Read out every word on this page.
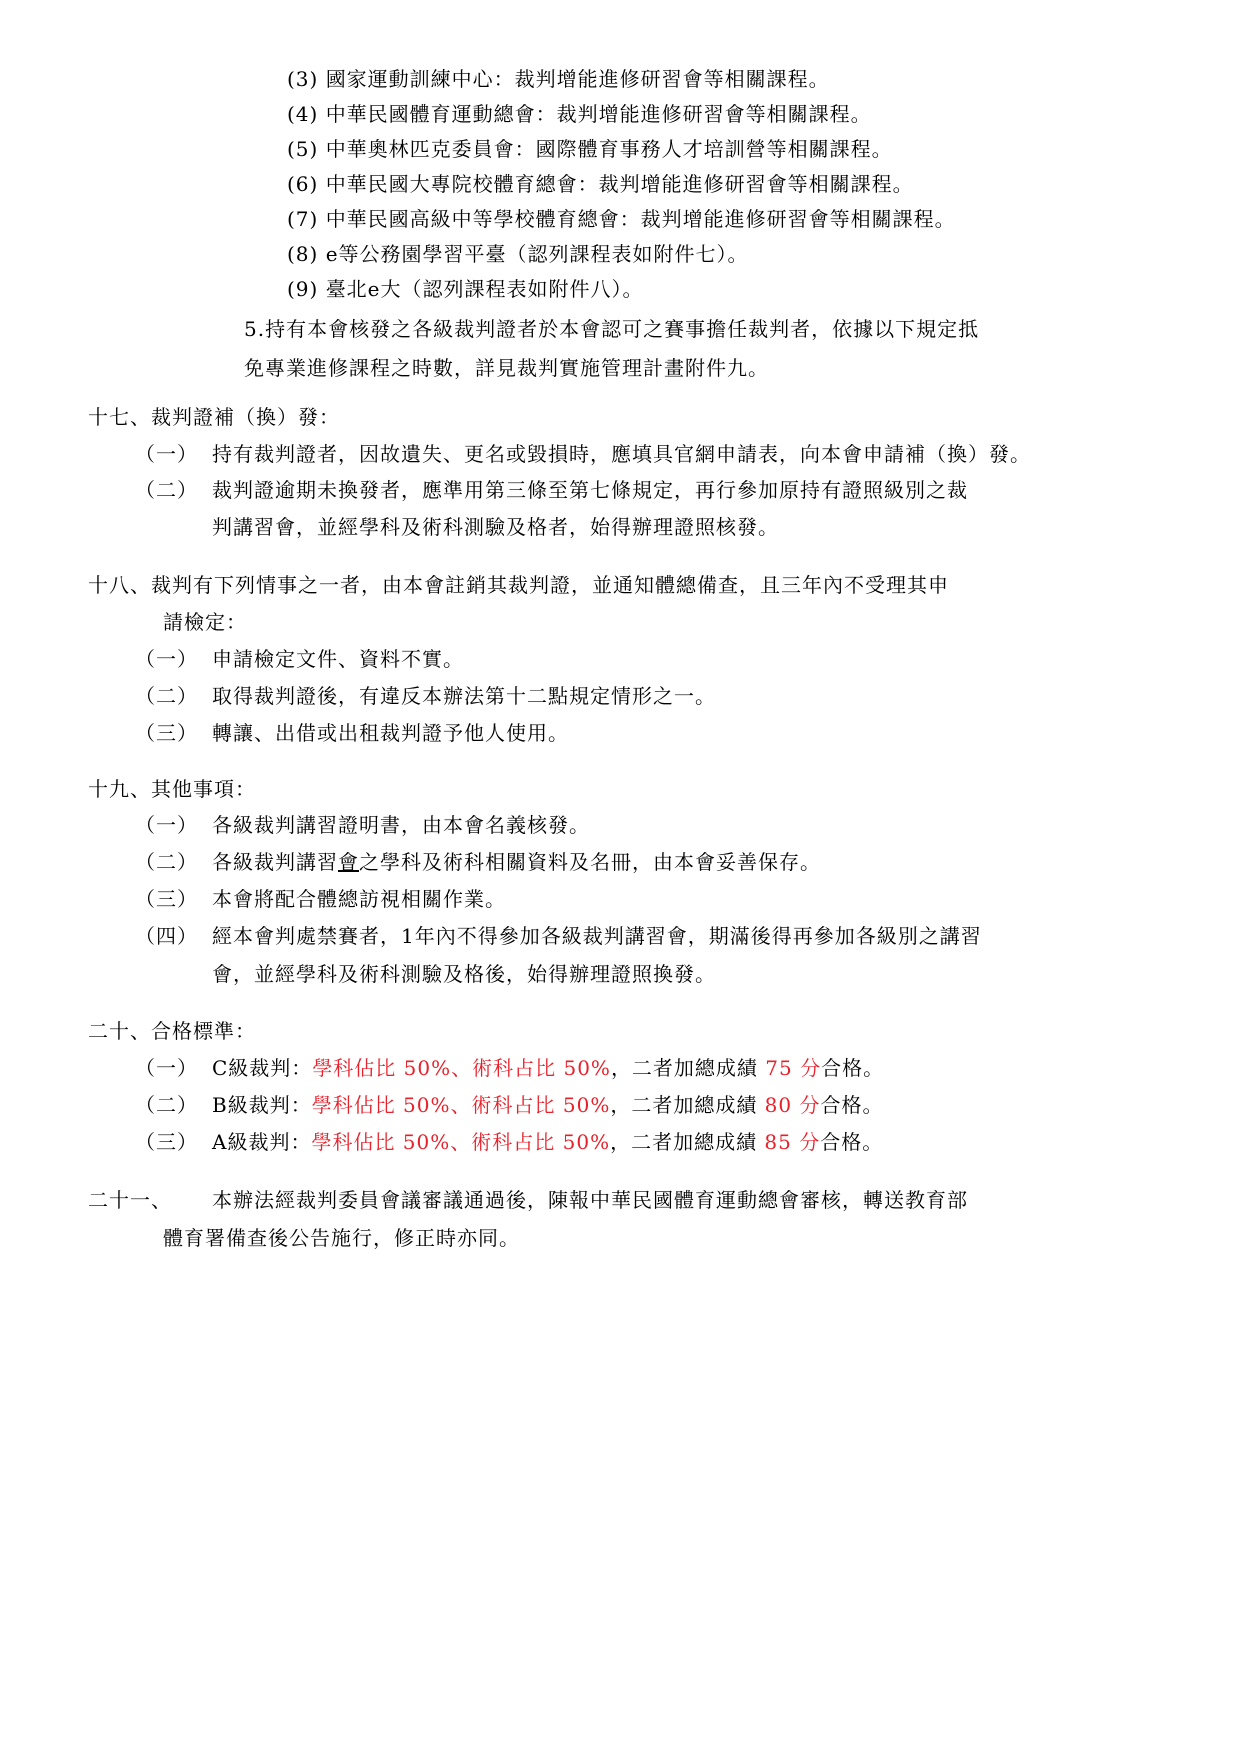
(3) 國家運動訓練中心：裁判增能進修研習會等相關課程。
(4) 中華民國體育運動總會：裁判增能進修研習會等相關課程。
(5) 中華奧林匹克委員會：國際體育事務人才培訓營等相關課程。
(6) 中華民國大專院校體育總會：裁判增能進修研習會等相關課程。
(7) 中華民國高級中等學校體育總會：裁判增能進修研習會等相關課程。
(8) e等公務園學習平臺（認列課程表如附件七）。
(9) 臺北e大（認列課程表如附件八）。
5.持有本會核發之各級裁判證者於本會認可之賽事擔任裁判者，依據以下規定抵
免專業進修課程之時數，詳見裁判實施管理計畫附件九。
十七、裁判證補（換）發：
（一） 持有裁判證者，因故遺失、更名或毀損時，應填具官網申請表，向本會申請補（換）發。
（二） 裁判證逾期未換發者，應準用第三條至第七條規定，再行參加原持有證照級別之裁
判講習會，並經學科及術科測驗及格者，始得辦理證照核發。
十八、裁判有下列情事之一者，由本會註銷其裁判證，並通知體總備查，且三年內不受理其申
請檢定：
（一） 申請檢定文件、資料不實。
（二） 取得裁判證後，有違反本辦法第十二點規定情形之一。
（三） 轉讓、出借或出租裁判證予他人使用。
十九、其他事項：
（一） 各級裁判講習證明書，由本會名義核發。
（二） 各級裁判講習會之學科及術科相關資料及名冊，由本會妥善保存。
（三） 本會將配合體總訪視相關作業。
（四） 經本會判處禁賽者，1年內不得參加各級裁判講習會，期滿後得再參加各級別之講習
會，並經學科及術科測驗及格後，始得辦理證照換發。
二十、合格標準：
（一） C級裁判：學科佔比 50%、術科占比 50%，二者加總成績 75 分合格。
（二） B級裁判：學科佔比 50%、術科占比 50%，二者加總成績 80 分合格。
（三） A級裁判：學科佔比 50%、術科占比 50%，二者加總成績 85 分合格。
二十一、 本辦法經裁判委員會議審議通過後，陳報中華民國體育運動總會審核，轉送教育部
體育署備查後公告施行，修正時亦同。
